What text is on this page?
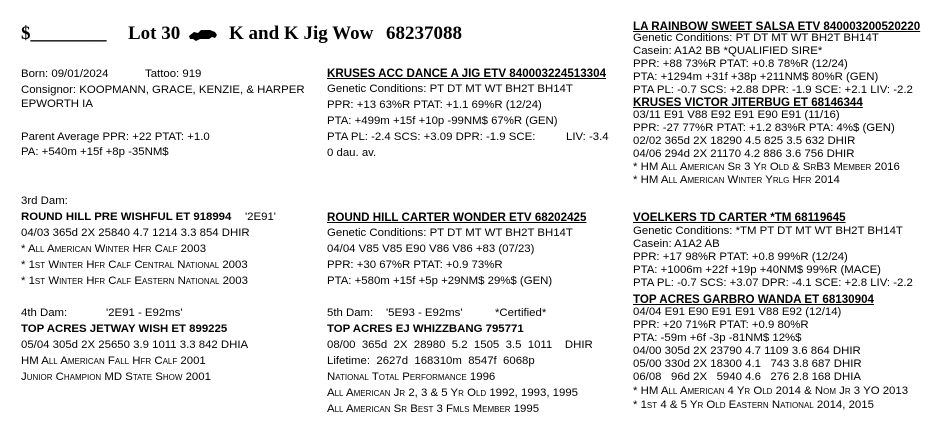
$________ Lot 30	K and K Jig Wow 68237088
Born: 09/01/2024	Tattoo: 919
Consignor: KOOPMANN, GRACE, KENZIE, & HARPER
EPWORTH IA
Parent Average PPR: +22 PTAT: +1.0
PA: +540m +15f +8p -35NM$
KRUSES ACC DANCE A JIG ETV 840003224513304
Genetic Conditions: PT DT MT WT BH2T BH14T
PPR: +13 63%R PTAT: +1.1 69%R (12/24)
PTA: +499m +15f +10p -99NM$ 67%R (GEN)
PTA PL: -2.4 SCS: +3.09 DPR: -1.9 SCE:	LIV: -3.4
0 dau. av.
LA RAINBOW SWEET SALSA ETV 840003200520220
Genetic Conditions: PT DT MT WT BH2T BH14T
Casein: A1A2 BB *QUALIFIED SIRE*
PPR: +88 73%R PTAT: +0.8 78%R (12/24)
PTA: +1294m +31f +38p +211NM$ 80%R (GEN)
PTA PL: -0.7 SCS: +2.88 DPR: -1.9 SCE: +2.1 LIV: -2.2
KRUSES VICTOR JITERBUG ET 68146344
03/11 E91 V88 E92 E91 E90 E91 (11/16)
PPR: -27 77%R PTAT: +1.2 83%R PTA: 4%$ (GEN)
02/02 365d 2X 18290 4.5 825 3.5 632 DHIR
04/06 294d 2X 21170 4.2 886 3.6 756 DHIR
* HM All American Sr 3 Yr Old & SrB3 Member 2016
* HM All American Winter Yrlg Hfr 2014
3rd Dam:
ROUND HILL PRE WISHFUL ET 918994 '2E91'
04/03 365d 2X 25840 4.7 1214 3.3 854 DHIR
* All American Winter Hfr Calf 2003
* 1st Winter Hfr Calf Central National 2003
* 1st Winter Hfr Calf Eastern National 2003
ROUND HILL CARTER WONDER ETV 68202425
Genetic Conditions: PT DT MT WT BH2T BH14T
04/04 V85 V85 E90 V86 V86 +83 (07/23)
PPR: +30 67%R PTAT: +0.9 73%R
PTA: +580m +15f +5p +29NM$ 29%$ (GEN)
VOELKERS TD CARTER *TM 68119645
Genetic Conditions: *TM PT DT MT WT BH2T BH14T
Casein: A1A2 AB
PPR: +17 98%R PTAT: +0.8 99%R (12/24)
PTA: +1006m +22f +19p +40NM$ 99%R (MACE)
PTA PL: -0.7 SCS: +3.07 DPR: -4.1 SCE: +2.8 LIV: -2.2
TOP ACRES GARBRO WANDA ET 68130904
04/04 E91 E90 E91 E91 V88 E92 (12/14)
PPR: +20 71%R PTAT: +0.9 80%R
PTA: -59m +6f -3p -81NM$ 12%$
04/00 305d 2X 23790 4.7 1109 3.6 864 DHIR
05/00 330d 2X 18300 4.1   743 3.8 687 DHIR
06/08   96d 2X   5940 4.6   276 2.8 168 DHIA
* HM All American 4 Yr Old 2014 & Nom Jr 3 YO 2013
* 1st 4 & 5 Yr Old Eastern National 2014, 2015
4th Dam:	'2E91 - E92ms'
TOP ACRES JETWAY WISH ET 899225
05/04 305d 2X 25650 3.9 1011 3.3 842 DHIA
HM All American Fall Hfr Calf 2001
Junior Champion MD State Show 2001
5th Dam: '5E93 - E92ms'	*Certified*
TOP ACRES EJ WHIZZBANG 795771
08/00  365d  2X  28980  5.2  1505  3.5  1011    DHIR
Lifetime:  2627d  168310m  8547f  6068p
National Total Performance 1996
All American Jr 2, 3 & 5 Yr Old 1992, 1993, 1995
All American Sr Best 3 Fmls Member 1995
